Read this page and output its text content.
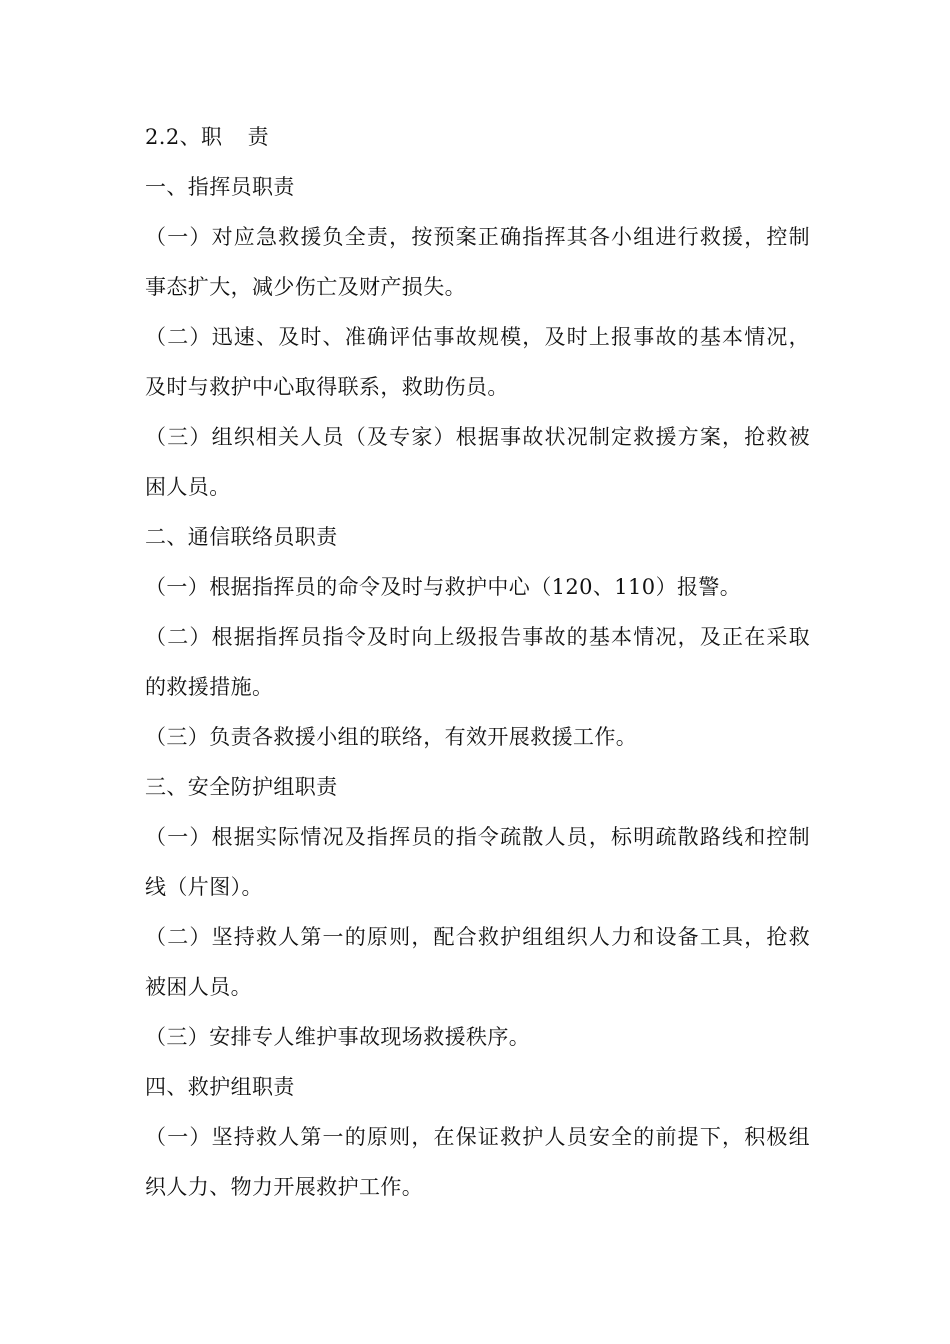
2.2、职 责
一、指挥员职责
（一）对应急救援负全责，按预案正确指挥其各小组进行救援，控制
事态扩大，减少伤亡及财产损失。
（二）迅速、及时、准确评估事故规模，及时上报事故的基本情况，
及时与救护中心取得联系，救助伤员。
（三）组织相关人员（及专家）根据事故状况制定救援方案，抢救被
困人员。
二、通信联络员职责
（一）根据指挥员的命令及时与救护中心（120、110）报警。
（二）根据指挥员指令及时向上级报告事故的基本情况，及正在采取
的救援措施。
（三）负责各救援小组的联络，有效开展救援工作。
三、安全防护组职责
（一）根据实际情况及指挥员的指令疏散人员，标明疏散路线和控制
线（片图）。
（二）坚持救人第一的原则，配合救护组组织人力和设备工具，抢救
被困人员。
（三）安排专人维护事故现场救援秩序。
四、救护组职责
（一）坚持救人第一的原则，在保证救护人员安全的前提下，积极组
织人力、物力开展救护工作。
